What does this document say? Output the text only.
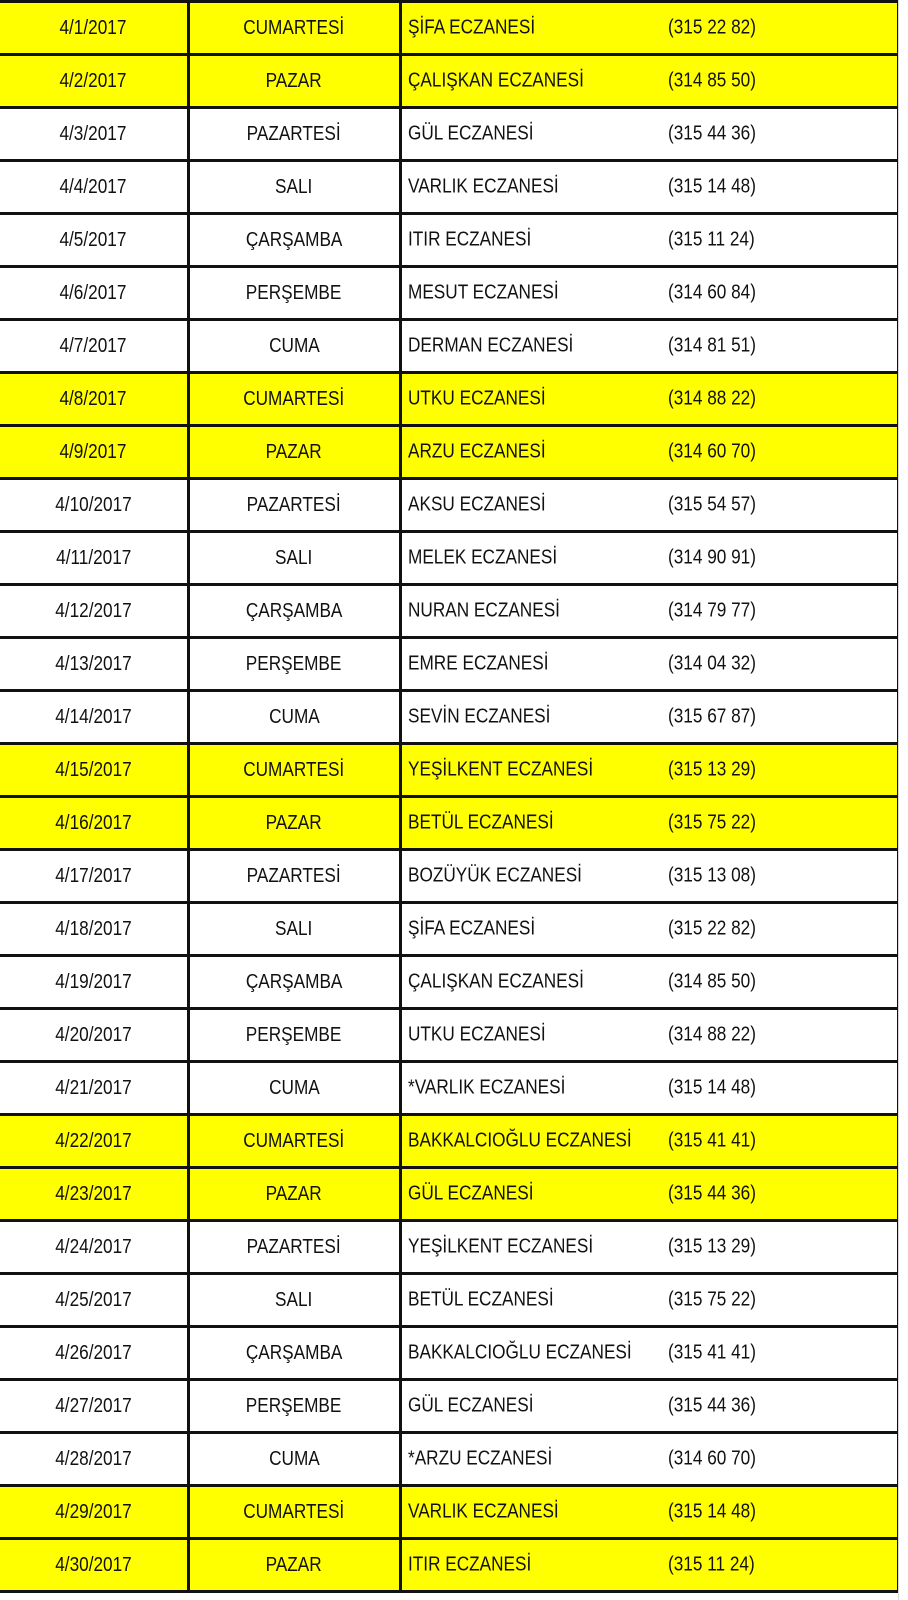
4/1/2017	CUMARTESİ	ŞİFA ECZANESİ (315 22 82)

4/2/2017	PAZAR	ÇALIŞKAN ECZANESİ (314 85 50)

4/3/2017	PAZARTESİ	GÜL ECZANESİ (315 44 36)

4/4/2017	SALI	VARLIK ECZANESİ (315 14 48)

4/5/2017	ÇARŞAMBA	ITIR ECZANESİ (315 11 24)

4/6/2017	PERŞEMBE	MESUT ECZANESİ (314 60 84)

4/7/2017	CUMA	DERMAN ECZANESİ (314 81 51)

4/8/2017	CUMARTESİ	UTKU ECZANESİ (314 88 22)

4/9/2017	PAZAR	ARZU ECZANESİ (314 60 70)

4/10/2017	PAZARTESİ	AKSU ECZANESİ (315 54 57)

4/11/2017	SALI	MELEK ECZANESİ (314 90 91)

4/12/2017	ÇARŞAMBA	NURAN ECZANESİ (314 79 77)

4/13/2017	PERŞEMBE	EMRE ECZANESİ (314 04 32)

4/14/2017	CUMA	SEVİN ECZANESİ (315 67 87)

4/15/2017	CUMARTESİ	YEŞİLKENT ECZANESİ (315 13 29)

4/16/2017	PAZAR	BETÜL ECZANESİ (315 75 22)

4/17/2017	PAZARTESİ	BOZÜYÜK ECZANESİ (315 13 08)

4/18/2017	SALI	ŞİFA ECZANESİ (315 22 82)

4/19/2017	ÇARŞAMBA	ÇALIŞKAN ECZANESİ (314 85 50)

4/20/2017	PERŞEMBE	UTKU ECZANESİ (314 88 22)

4/21/2017	CUMA	*VARLIK ECZANESİ (315 14 48)

4/22/2017	CUMARTESİ	BAKKALCIOĞLU ECZANESİ (315 41 41)

4/23/2017	PAZAR	GÜL ECZANESİ (315 44 36)

4/24/2017	PAZARTESİ	YEŞİLKENT ECZANESİ (315 13 29)

4/25/2017	SALI	BETÜL ECZANESİ (315 75 22)

4/26/2017	ÇARŞAMBA	BAKKALCIOĞLU ECZANESİ (315 41 41)

4/27/2017	PERŞEMBE	GÜL ECZANESİ (315 44 36)

4/28/2017	CUMA	*ARZU ECZANESİ (314 60 70)

4/29/2017	CUMARTESİ	VARLIK ECZANESİ (315 14 48)

4/30/2017	PAZAR	ITIR ECZANESİ (315 11 24)
